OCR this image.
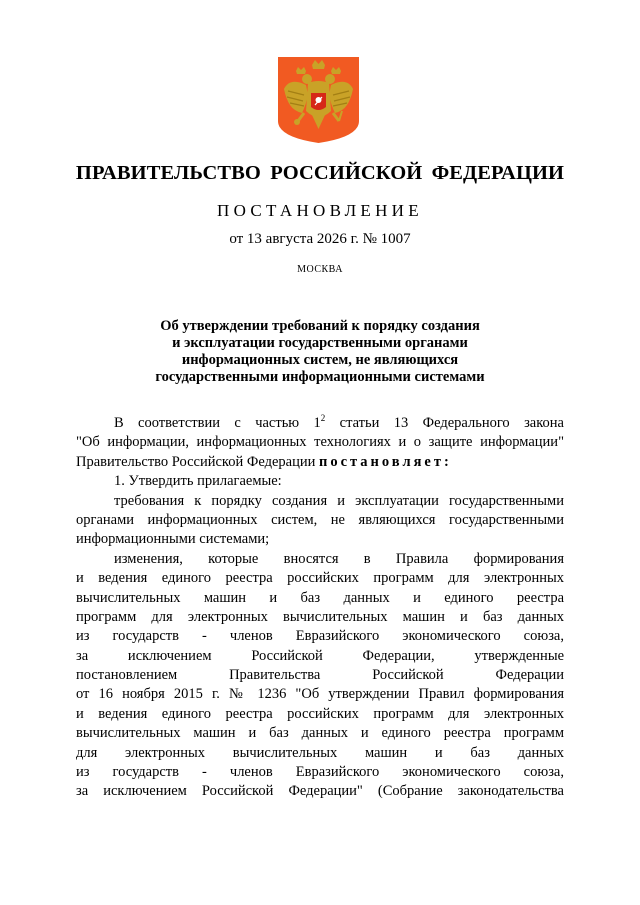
ПРАВИТЕЛЬСТВО РОССИЙСКОЙ ФЕДЕРАЦИИ
ПОСТАНОВЛЕНИЕ
от 13 августа 2026 г. № 1007
МОСКВА
Об утверждении требований к порядку создания
и эксплуатации государственными органами
информационных систем, не являющихся
государственными информационными системами
В соответствии с частью $1^2$ статьи 13 Федерального закона
"Об информации, информационных технологиях и о защите информации"
Правительство Российской Федерации постановляет:
1. Утвердить прилагаемые:
требования к порядку создания и эксплуатации государственными
органами информационных систем, не являющихся государственными
информационными системами;
изменения, которые вносятся в Правила формирования
и ведения единого реестра российских программ для электронных
вычислительных машин и баз данных и единого реестра
программ для электронных вычислительных машин и баз данных
из государств - членов Евразийского экономического союза,
за исключением Российской Федерации, утвержденные
постановлением Правительства Российской Федерации
от 16 ноября 2015 г. № 1236 "Об утверждении Правил формирования
и ведения единого реестра российских программ для электронных
вычислительных машин и баз данных и единого реестра программ
для электронных вычислительных машин и баз данных
из государств - членов Евразийского экономического союза,
за исключением Российской Федерации" (Собрание законодательства
